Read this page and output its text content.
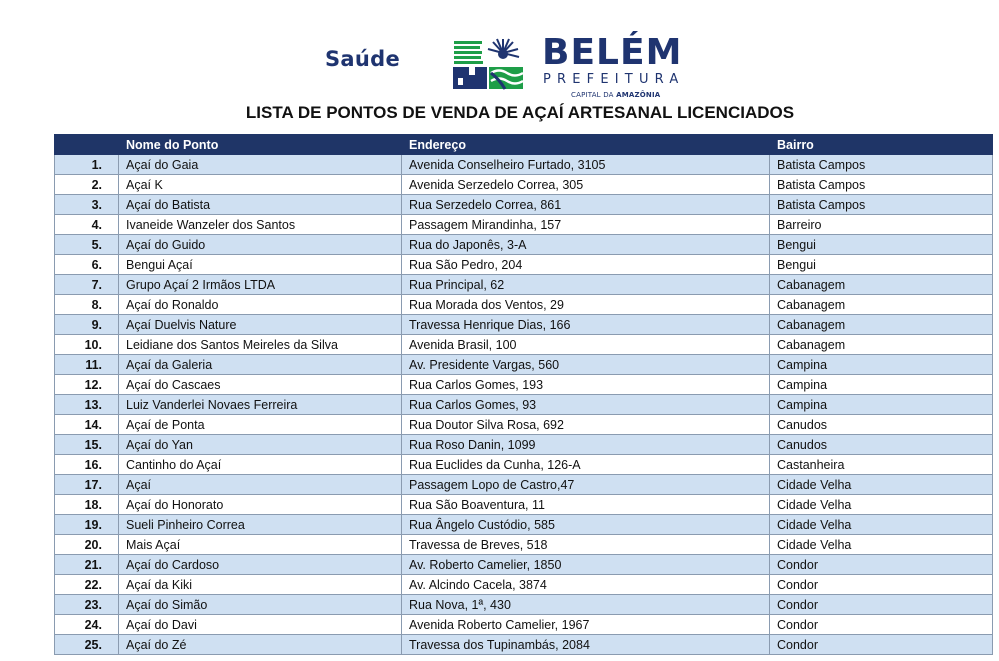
Saúde	BELÉM
PREFEITURA
CAPITAL DA AMAZÔNIA
LISTA DE PONTOS DE VENDA DE AÇAÍ ARTESANAL LICENCIADOS
	Nome do Ponto	Endereço	Bairro
1.	Açaí do Gaia	Avenida Conselheiro Furtado, 3105	Batista Campos
2.	Açaí K	Avenida Serzedelo Correa, 305	Batista Campos
3.	Açaí do Batista	Rua Serzedelo Correa, 861	Batista Campos
4.	Ivaneide Wanzeler dos Santos	Passagem Mirandinha, 157	Barreiro
5.	Açaí do Guido	Rua do Japonês, 3-A	Bengui
6.	Bengui Açaí	Rua São Pedro, 204	Bengui
7.	Grupo Açaí 2 Irmãos LTDA	Rua Principal, 62	Cabanagem
8.	Açaí do Ronaldo	Rua Morada dos Ventos, 29	Cabanagem
9.	Açaí Duelvis Nature	Travessa Henrique Dias, 166	Cabanagem
10.	Leidiane dos Santos Meireles da Silva	Avenida Brasil, 100	Cabanagem
11.	Açaí da Galeria	Av. Presidente Vargas, 560	Campina
12.	Açaí do Cascaes	Rua Carlos Gomes, 193	Campina
13.	Luiz Vanderlei Novaes Ferreira	Rua Carlos Gomes, 93	Campina
14.	Açaí de Ponta	Rua Doutor Silva Rosa, 692	Canudos
15.	Açaí do Yan	Rua Roso Danin, 1099	Canudos
16.	Cantinho do Açaí	Rua Euclides da Cunha, 126-A	Castanheira
17.	Açaí	Passagem Lopo de Castro,47	Cidade Velha
18.	Açaí do Honorato	Rua São Boaventura, 11	Cidade Velha
19.	Sueli Pinheiro Correa	Rua Ângelo Custódio, 585	Cidade Velha
20.	Mais Açaí	Travessa de Breves, 518	Cidade Velha
21.	Açaí do Cardoso	Av. Roberto Camelier, 1850	Condor
22.	Açaí da Kiki	Av. Alcindo Cacela, 3874	Condor
23.	Açaí do Simão	Rua Nova, 1ª, 430	Condor
24.	Açaí do Davi	Avenida Roberto Camelier, 1967	Condor
25.	Açaí do Zé	Travessa dos Tupinambás, 2084	Condor
